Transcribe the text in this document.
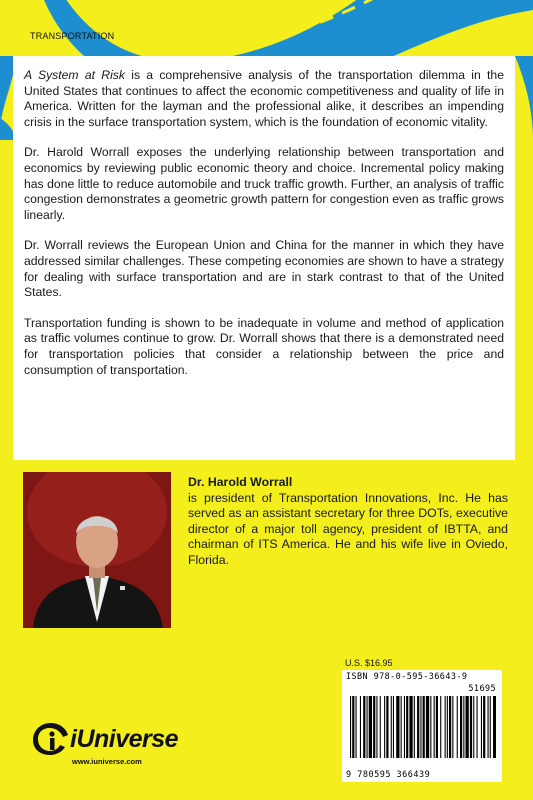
TRANSPORTATION

A System at Risk is a comprehensive analysis of the transportation dilemma in the United States that continues to affect the economic competitiveness and quality of life in America. Written for the layman and the professional alike, it describes an impending crisis in the surface transportation system, which is the foundation of economic vitality.

Dr. Harold Worrall exposes the underlying relationship between transportation and economics by reviewing public economic theory and choice. Incremental policy making has done little to reduce automobile and truck traffic growth. Further, an analysis of traffic congestion demonstrates a geometric growth pattern for congestion even as traffic grows linearly.

Dr. Worrall reviews the European Union and China for the manner in which they have addressed similar challenges. These competing economies are shown to have a strategy for dealing with surface transportation and are in stark contrast to that of the United States.

Transportation funding is shown to be inadequate in volume and method of application as traffic volumes continue to grow. Dr. Worrall shows that there is a demonstrated need for transportation policies that consider a relationship between the price and consumption of transportation.

Dr. Harold Worrall
is president of Transportation Innovations, Inc. He has served as an assistant secretary for three DOTs, executive director of a major toll agency, president of IBTTA, and chairman of ITS America. He and his wife live in Oviedo, Florida.
U.S. $16.95
ISBN 978-0-595-36643-9
51695
9 780595 366439
iUniverse
www.iuniverse.com
